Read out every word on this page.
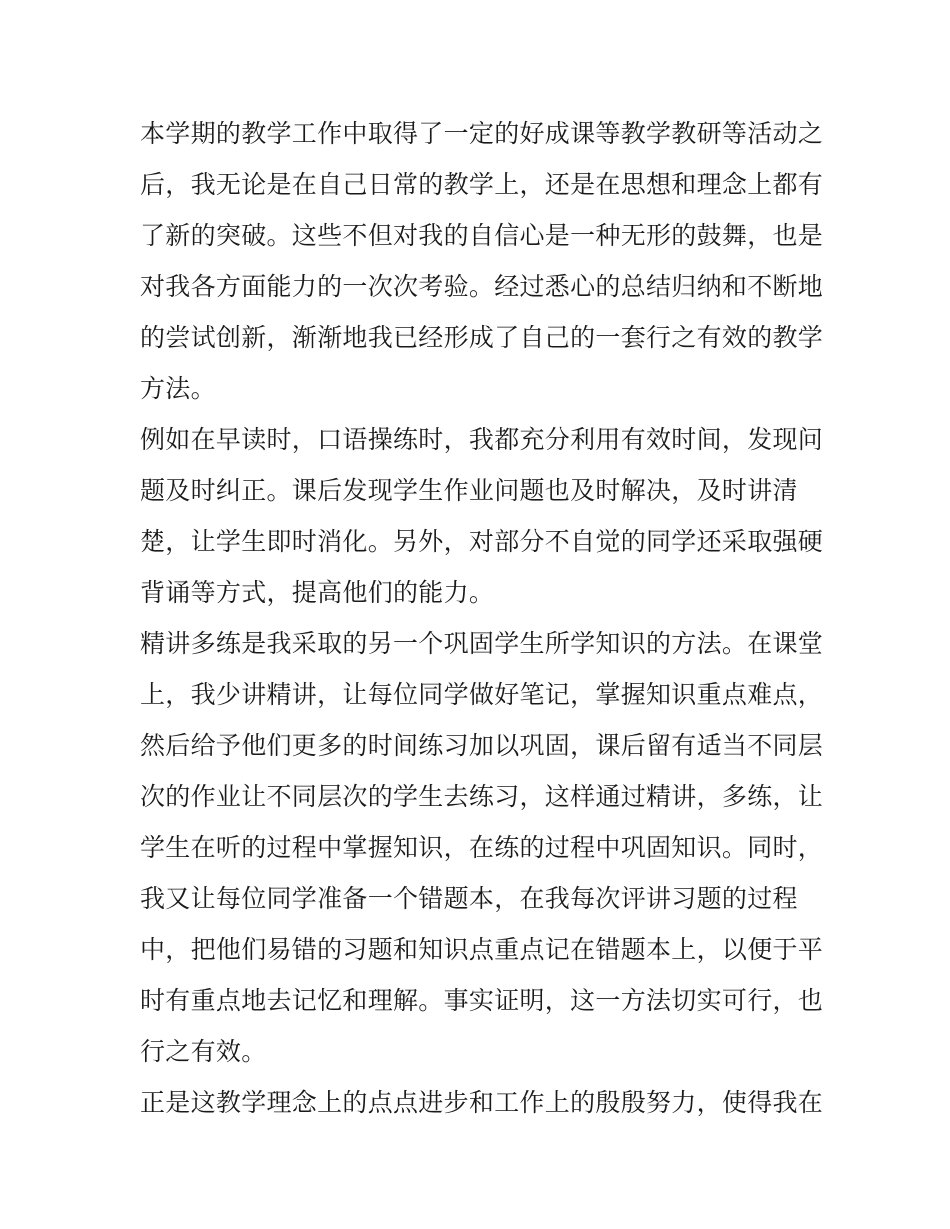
本学期的教学工作中取得了一定的好成课等教学教研等活动之
后，我无论是在自己日常的教学上，还是在思想和理念上都有
了新的突破。这些不但对我的自信心是一种无形的鼓舞，也是
对我各方面能力的一次次考验。经过悉心的总结归纳和不断地
的尝试创新，渐渐地我已经形成了自己的一套行之有效的教学
方法。
例如在早读时，口语操练时，我都充分利用有效时间，发现问
题及时纠正。课后发现学生作业问题也及时解决，及时讲清
楚，让学生即时消化。另外，对部分不自觉的同学还采取强硬
背诵等方式，提高他们的能力。
精讲多练是我采取的另一个巩固学生所学知识的方法。在课堂
上，我少讲精讲，让每位同学做好笔记，掌握知识重点难点，
然后给予他们更多的时间练习加以巩固，课后留有适当不同层
次的作业让不同层次的学生去练习，这样通过精讲，多练，让
学生在听的过程中掌握知识，在练的过程中巩固知识。同时，
我又让每位同学准备一个错题本，在我每次评讲习题的过程
中，把他们易错的习题和知识点重点记在错题本上，以便于平
时有重点地去记忆和理解。事实证明，这一方法切实可行，也
行之有效。
正是这教学理念上的点点进步和工作上的殷殷努力，使得我在
